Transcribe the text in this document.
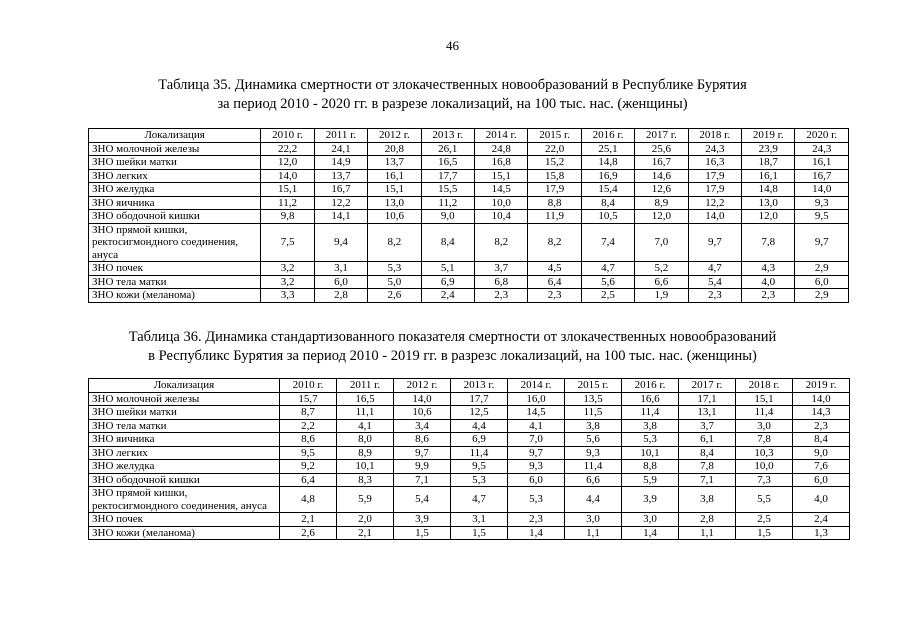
46
Таблица 35. Динамика смертности от злокачественных новообразований в Республике Бурятия
за период 2010 - 2020 гг. в разрезе локализаций, на 100 тыс. нас. (женщины)
Локализация	2010 г.	2011 г.	2012 г.	2013 г.	2014 г.	2015 г.	2016 г.	2017 г.	2018 г.	2019 г.	2020 г.
ЗНО молочной железы	22,2	24,1	20,8	26,1	24,8	22,0	25,1	25,6	24,3	23,9	24,3
ЗНО шейки матки	12,0	14,9	13,7	16,5	16,8	15,2	14,8	16,7	16,3	18,7	16,1
ЗНО легких	14,0	13,7	16,1	17,7	15,1	15,8	16,9	14,6	17,9	16,1	16,7
ЗНО желудка	15,1	16,7	15,1	15,5	14,5	17,9	15,4	12,6	17,9	14,8	14,0
ЗНО яичника	11,2	12,2	13,0	11,2	10,0	8,8	8,4	8,9	12,2	13,0	9,3
ЗНО ободочной кишки	9,8	14,1	10,6	9,0	10,4	11,9	10,5	12,0	14,0	12,0	9,5
ЗНО прямой кишки, ректосигмондного соединения, ануса	7,5	9,4	8,2	8,4	8,2	8,2	7,4	7,0	9,7	7,8	9,7
ЗНО почек	3,2	3,1	5,3	5,1	3,7	4,5	4,7	5,2	4,7	4,3	2,9
ЗНО тела матки	3,2	6,0	5,0	6,9	6,8	6,4	5,6	6,6	5,4	4,0	6,0
ЗНО кожи (меланома)	3,3	2,8	2,6	2,4	2,3	2,3	2,5	1,9	2,3	2,3	2,9
Таблица 36. Динамика стандартизованного показателя смертности от злокачественных новообразований
в Республикс Бурятия за период 2010 - 2019 гг. в разрезс локализаций, на 100 тыс. нас. (женщины)
Локализация	2010 г.	2011 г.	2012 г.	2013 г.	2014 г.	2015 г.	2016 г.	2017 г.	2018 г.	2019 г.
ЗНО молочной железы	15,7	16,5	14,0	17,7	16,0	13,5	16,6	17,1	15,1	14,0
ЗНО шейки матки	8,7	11,1	10,6	12,5	14,5	11,5	11,4	13,1	11,4	14,3
ЗНО тела матки	2,2	4,1	3,4	4,4	4,1	3,8	3,8	3,7	3,0	2,3
ЗНО яичника	8,6	8,0	8,6	6,9	7,0	5,6	5,3	6,1	7,8	8,4
ЗНО легких	9,5	8,9	9,7	11,4	9,7	9,3	10,1	8,4	10,3	9,0
ЗНО желудка	9,2	10,1	9,9	9,5	9,3	11,4	8,8	7,8	10,0	7,6
ЗНО ободочной кишки	6,4	8,3	7,1	5,3	6,0	6,6	5,9	7,1	7,3	6,0
ЗНО прямой кишки, ректосигмондного соединения, ануса	4,8	5,9	5,4	4,7	5,3	4,4	3,9	3,8	5,5	4,0
ЗНО почек	2,1	2,0	3,9	3,1	2,3	3,0	3,0	2,8	2,5	2,4
ЗНО кожи (меланома)	2,6	2,1	1,5	1,5	1,4	1,1	1,4	1,1	1,5	1,3
